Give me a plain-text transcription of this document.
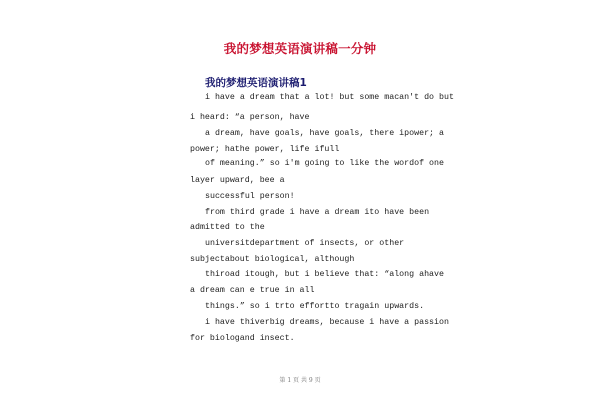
我的梦想英语演讲稿一分钟
我的梦想英语演讲稿1
i have a dream that a lot! but some macan't do but
i heard: “a person, have
a dream, have goals, have goals, there ipower; a
power; hathe power, life ifull
of meaning.” so i'm going to like the wordof one
layer upward, bee a
successful person!
from third grade i have a dream ito have been
admitted to the
universitdepartment of insects, or other
subjectabout biological, although
thiroad itough, but i believe that: “along ahave
a dream can e true in all
things.” so i trto effortto tragain upwards.
i have thiverbig dreams, because i have a passion
for biologand insect.
第 1 页 共 9 页
